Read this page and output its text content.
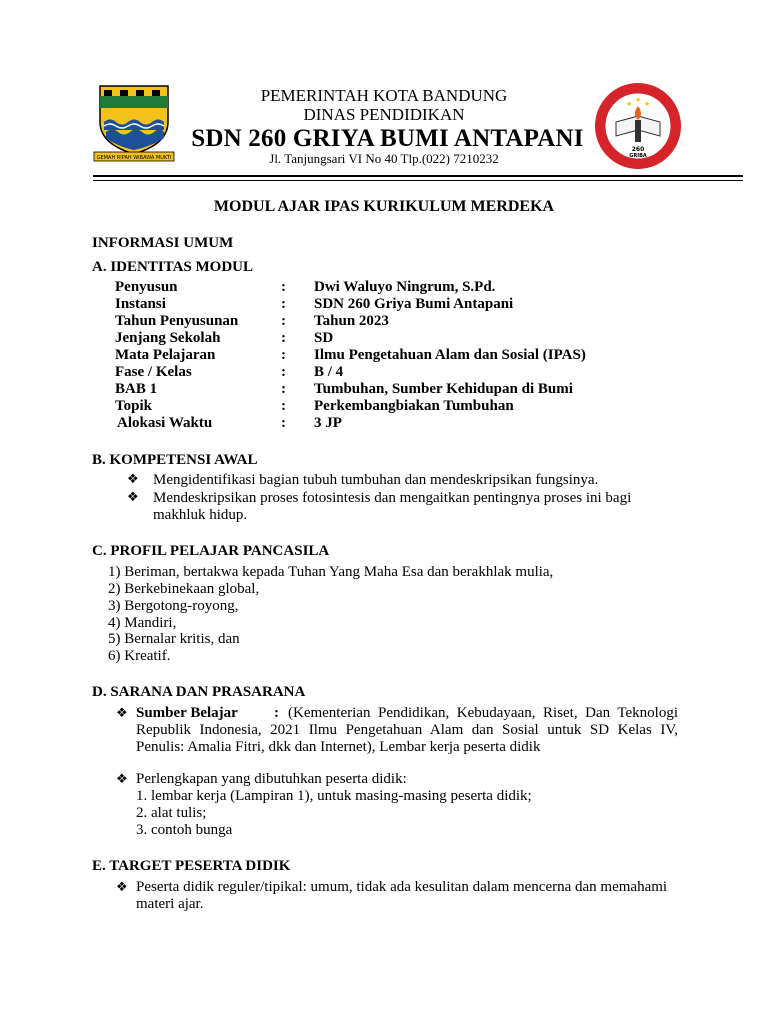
GEMAH RIPAH WIBAWA MUKTI
★ ★ ★
260
GRIBA
PEMERINTAH KOTA BANDUNG
DINAS PENDIDIKAN
SDN 260 GRIYA BUMI ANTAPANI
Jl. Tanjungsari VI No 40 Tlp.(022) 7210232
MODUL AJAR IPAS KURIKULUM MERDEKA
INFORMASI UMUM
A. IDENTITAS MODUL
Penyusun	: Dwi Waluyo Ningrum, S.Pd.
Instansi	: SDN 260 Griya Bumi Antapani
Tahun Penyusunan	: Tahun 2023
Jenjang Sekolah	: SD
Mata Pelajaran	: Ilmu Pengetahuan Alam dan Sosial (IPAS)
Fase / Kelas	: B / 4
BAB 1	: Tumbuhan, Sumber Kehidupan di Bumi
Topik	: Perkembangbiakan Tumbuhan
Alokasi Waktu	: 3 JP
B. KOMPETENSI AWAL
❖ Mengidentifikasi bagian tubuh tumbuhan dan mendeskripsikan fungsinya.
❖ Mendeskripsikan proses fotosintesis dan mengaitkan pentingnya proses ini bagi
makhluk hidup.
C. PROFIL PELAJAR PANCASILA
1) Beriman, bertakwa kepada Tuhan Yang Maha Esa dan berakhlak mulia,
2) Berkebinekaan global,
3) Bergotong-royong,
4) Mandiri,
5) Bernalar kritis, dan
6) Kreatif.
D. SARANA DAN PRASARANA
❖ Sumber Belajar : (Kementerian Pendidikan, Kebudayaan, Riset, Dan Teknologi
Republik Indonesia, 2021 Ilmu Pengetahuan Alam dan Sosial untuk SD Kelas IV,
Penulis: Amalia Fitri, dkk dan Internet), Lembar kerja peserta didik
❖ Perlengkapan yang dibutuhkan peserta didik:
1. lembar kerja (Lampiran 1), untuk masing-masing peserta didik;
2. alat tulis;
3. contoh bunga
E. TARGET PESERTA DIDIK
❖ Peserta didik reguler/tipikal: umum, tidak ada kesulitan dalam mencerna dan memahami
materi ajar.
